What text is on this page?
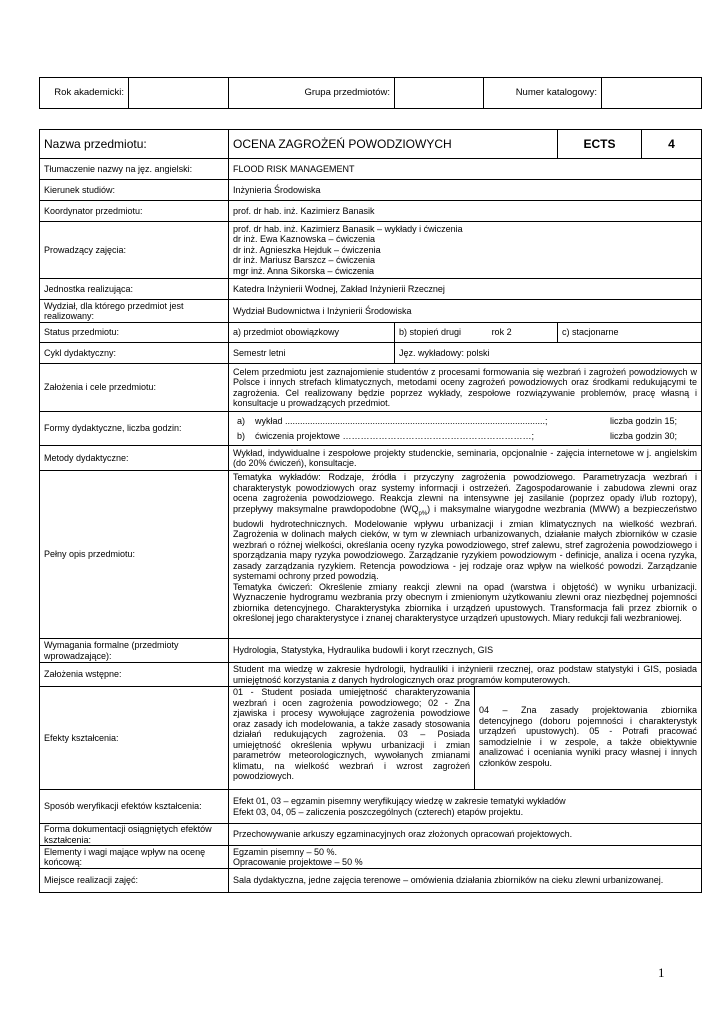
Rok akademicki:		Grupa przedmiotów:		Numer katalogowy:	
Nazwa przedmiotu:	OCENA ZAGROŻEŃ POWODZIOWYCH	ECTS	4
Tłumaczenie nazwy na jęz. angielski:	FLOOD RISK MANAGEMENT
Kierunek studiów:	Inżynieria Środowiska
Koordynator przedmiotu:	prof. dr hab. inż. Kazimierz Banasik
Prowadzący zajęcia:	
prof. dr hab. inż. Kazimierz Banasik – wykłady i ćwiczenia
dr inż. Ewa Kaznowska – ćwiczenia
dr inż. Agnieszka Hejduk – ćwiczenia
dr inż. Mariusz Barszcz – ćwiczenia
mgr inż. Anna Sikorska – ćwiczenia

Jednostka realizująca:	Katedra Inżynierii Wodnej, Zakład Inżynierii Rzecznej
Wydział, dla którego przedmiot jest realizowany:	Wydział Budownictwa i Inżynierii Środowiska
Status przedmiotu:	a) przedmiot obowiązkowy	b) stopień drugi	rok 2	c) stacjonarne
Cykl dydaktyczny:	Semestr letni	Jęz. wykładowy: polski
Założenia i cele przedmiotu:	Celem przedmiotu jest zaznajomienie studentów z procesami formowania się wezbrań i zagrożeń powodziowych w Polsce i innych strefach klimatycznych, metodami oceny zagrożeń powodziowych oraz środkami redukującymi te zagrożenia. Cel realizowany będzie poprzez wykłady, zespołowe rozwiązywanie problemów, pracę własną i konsultacje u prowadzących przedmiot.
Formy dydaktyczne, liczba godzin:	
a)	wykład ........................................................................................................;	liczba godzin 15;
b)	ćwiczenia projektowe ………………………………………………………;	liczba godzin 30;

Metody dydaktyczne:	Wykład, indywidualne i zespołowe projekty studenckie, seminaria, opcjonalnie - zajęcia internetowe w j. angielskim (do 20% ćwiczeń), konsultacje.
Pełny opis przedmiotu:	
Tematyka wykładów: Rodzaje, źródła i przyczyny zagrożenia powodziowego. Parametryzacja wezbrań i charakterystyk powodziowych oraz systemy informacji i ostrzeżeń. Zagospodarowanie i zabudowa zlewni oraz ocena zagrożenia powodziowego. Reakcja zlewni na intensywne jej zasilanie (poprzez opady i/lub roztopy), przepływy maksymalne prawdopodobne $(WQ_{p\%})$ i maksymalne wiarygodne wezbrania (MWW) a bezpieczeństwo budowli hydrotechnicznych. Modelowanie wpływu urbanizacji i zmian klimatycznych na wielkość wezbrań. Zagrożenia w dolinach małych cieków, w tym w zlewniach urbanizowanych, działanie małych zbiorników w czasie wezbrań o różnej wielkości, określania oceny ryzyka powodziowego, stref zalewu, stref zagrożenia powodziowego i sporządzania mapy ryzyka powodziowego. Zarządzanie ryzykiem powodziowym - definicje, analiza i ocena ryzyka, zasady zarządzania ryzykiem. Retencja powodziowa - jej rodzaje oraz wpływ na wielkość powodzi. Zarządzanie systemami ochrony przed powodzią.
Tematyka ćwiczeń: Określenie zmiany reakcji zlewni na opad (warstwa i objętość) w wyniku urbanizacji. Wyznaczenie hydrogramu wezbrania przy obecnym i zmienionym użytkowaniu zlewni oraz niezbędnej pojemności zbiornika detencyjnego. Charakterystyka zbiornika i urządzeń upustowych. Transformacja fali przez zbiornik o określonej jego charakterystyce i znanej charakterystyce urządzeń upustowych. Miary redukcji fali wezbraniowej.

Wymagania formalne (przedmioty wprowadzające):	Hydrologia, Statystyka, Hydraulika budowli i koryt rzecznych, GIS
Założenia wstępne:	Student ma wiedzę w zakresie hydrologii, hydrauliki i inżynierii rzecznej, oraz podstaw statystyki i GIS, posiada umiejętność korzystania z danych hydrologicznych oraz programów komputerowych.
Efekty kształcenia:	01 - Student posiada umiejętność charakteryzowania wezbrań i ocen zagrożenia powodziowego; 02 - Zna zjawiska i procesy wywołujące zagrożenia powodziowe oraz zasady ich modelowania, a także zasady stosowania działań redukujących zagrożenia. 03 – Posiada umiejętność określenia wpływu urbanizacji i zmian parametrów meteorologicznych, wywołanych zmianami klimatu, na wielkość wezbrań i wzrost zagrożeń powodziowych.	04 – Zna zasady projektowania zbiornika detencyjnego (doboru pojemności i charakterystyk urządzeń upustowych). 05 - Potrafi pracować samodzielnie i w zespole, a także obiektywnie analizować i oceniania wyniki pracy własnej i innych członków zespołu.
Sposób weryfikacji efektów kształcenia:	
Efekt 01, 03 – egzamin pisemny weryfikujący wiedzę w zakresie tematyki wykładów
Efekt 03, 04, 05 – zaliczenia poszczególnych (czterech) etapów projektu.

Forma dokumentacji osiągniętych efektów kształcenia:	Przechowywanie arkuszy egzaminacyjnych oraz złożonych opracowań projektowych.
Elementy i wagi mające wpływ na ocenę końcową:	
Egzamin pisemny – 50 %.
Opracowanie projektowe – 50 %

Miejsce realizacji zajęć:	Sala dydaktyczna, jedne zajęcia terenowe – omówienia działania zbiorników na cieku zlewni urbanizowanej.
1
